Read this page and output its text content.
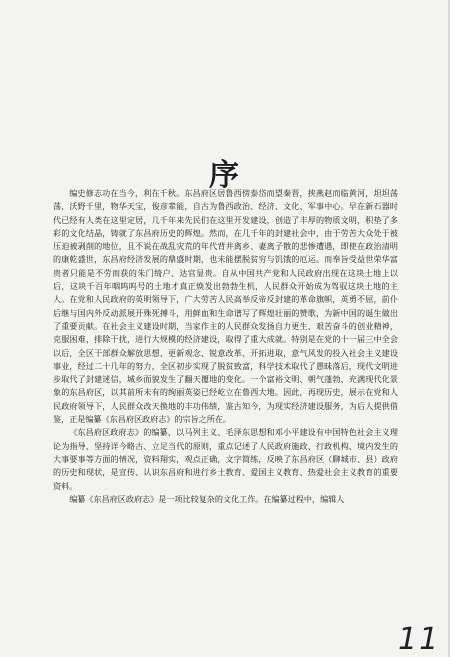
序

编史修志功在当今，利在千秋。东昌府区居鲁西傍泰岱而望秦晋，挟燕赵而临黄河，坦坦荡荡，沃野千里，物华天宝，俊彦辈能，自古为鲁西政治、经济、文化、军事中心。早在新石器时代已经有人类在这里定居，几千年来先民们在这里开发建设，创造了丰厚的物质文明，积垫了多彩的文化结晶，铸就了东昌府历史的辉煌。然而，在几千年的封建社会中，由于劳苦大众处于被压迫被剥削的地位，且不说在战乱灾荒的年代背井离乡、妻离子散的悲惨遭遇，即使在政治清明的康乾盛世，东昌府经济发展的鼎盛时期，也未能摆脱贫穷与饥饿的厄运。而奉旨受益世荣华富贵者只能是不劳而获的朱门绮户、达官显贵。自从中国共产党和人民政府出现在这块土地上以后，这块千百年咽呜呜号的土地才真正焕发出勃勃生机，人民群众开始成为驾驭这块土地的主人。在党和人民政府的英明领导下，广大劳苦人民高举反帝反封建的革命旗帜，英勇不屈，前仆后继与国内外反动派展开殊死搏斗，用鲜血和生命谱写了辉煌壮丽的赞歌，为新中国的诞生做出了重要贡献。在社会主义建设时期，当家作主的人民群众发扬自力更生、艰苦奋斗的创业精神，克服困难，排除干扰，进行大规模的经济建设，取得了重大成就。特别是在党的十一届三中全会以后，全区干部群众解放思想、更新观念、锐意改革、开拓进取，意气风发的投入社会主义建设事业，经过二十几年的努力，全区初步实现了脱贫致富，科学技术取代了愚昧落后，现代文明进步取代了封建迷信，城乡面貌发生了翻天覆地的变化。一个富裕文明、朝气蓬勃、充满现代化景象的东昌府区，以其前所未有的绚丽英姿已经屹立在鲁西大地。因此，再现历史，展示在党和人民政府领导下，人民群众改天换地的丰功伟绩，鉴古知今，为现实经济建设服务，为后人提供借鉴，正是编纂《东昌府区政府志》的宗旨之所在。

《东昌府区政府志》的编纂，以马列主义、毛泽东思想和邓小平建设有中国特色社会主义理论为指导，坚持详今略古、立足当代的原则，重点记述了人民政府施政、行政机构、境内发生的大事要事等方面的情况，资料翔实，观点正确，文字简练，反映了东昌府区（聊城市、县）政府的历史和现状，是宣传、认识东昌府和进行乡土教育、爱国主义教育、热爱社会主义教育的重要资料。

编纂《东昌府区政府志》是一项比较复杂的文化工作。在编纂过程中，编辑人

11
